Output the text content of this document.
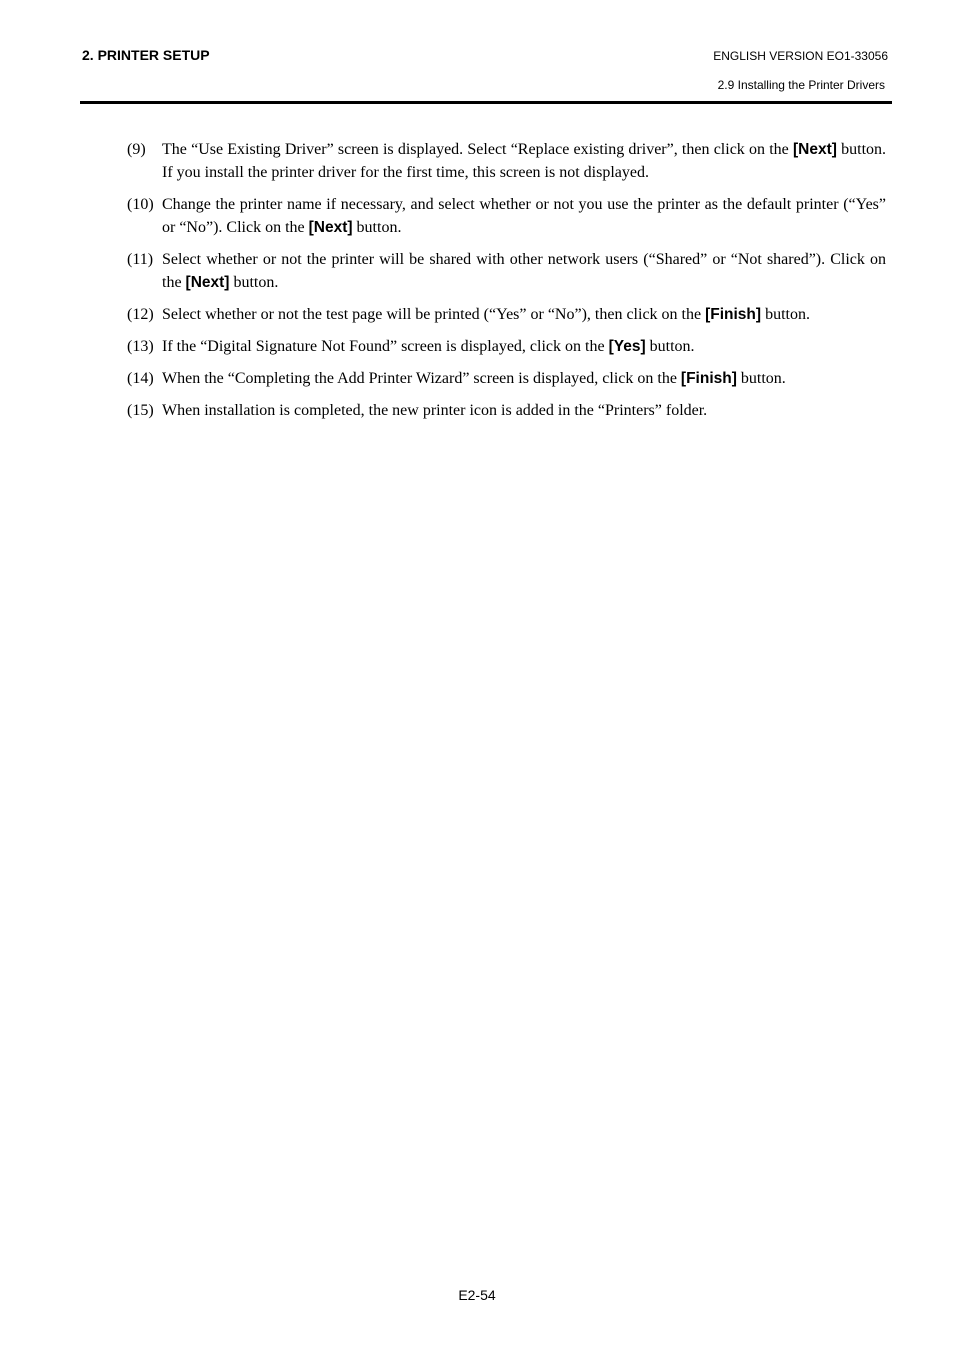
2. PRINTER SETUP	ENGLISH VERSION EO1-33056
2.9 Installing the Printer Drivers
(9) The “Use Existing Driver” screen is displayed. Select “Replace existing driver”, then click on the [Next] button. If you install the printer driver for the first time, this screen is not displayed.
(10) Change the printer name if necessary, and select whether or not you use the printer as the default printer (“Yes” or “No”). Click on the [Next] button.
(11) Select whether or not the printer will be shared with other network users (“Shared” or “Not shared”). Click on the [Next] button.
(12) Select whether or not the test page will be printed (“Yes” or “No”), then click on the [Finish] button.
(13) If the “Digital Signature Not Found” screen is displayed, click on the [Yes] button.
(14) When the “Completing the Add Printer Wizard” screen is displayed, click on the [Finish] button.
(15) When installation is completed, the new printer icon is added in the “Printers” folder.
E2-54
